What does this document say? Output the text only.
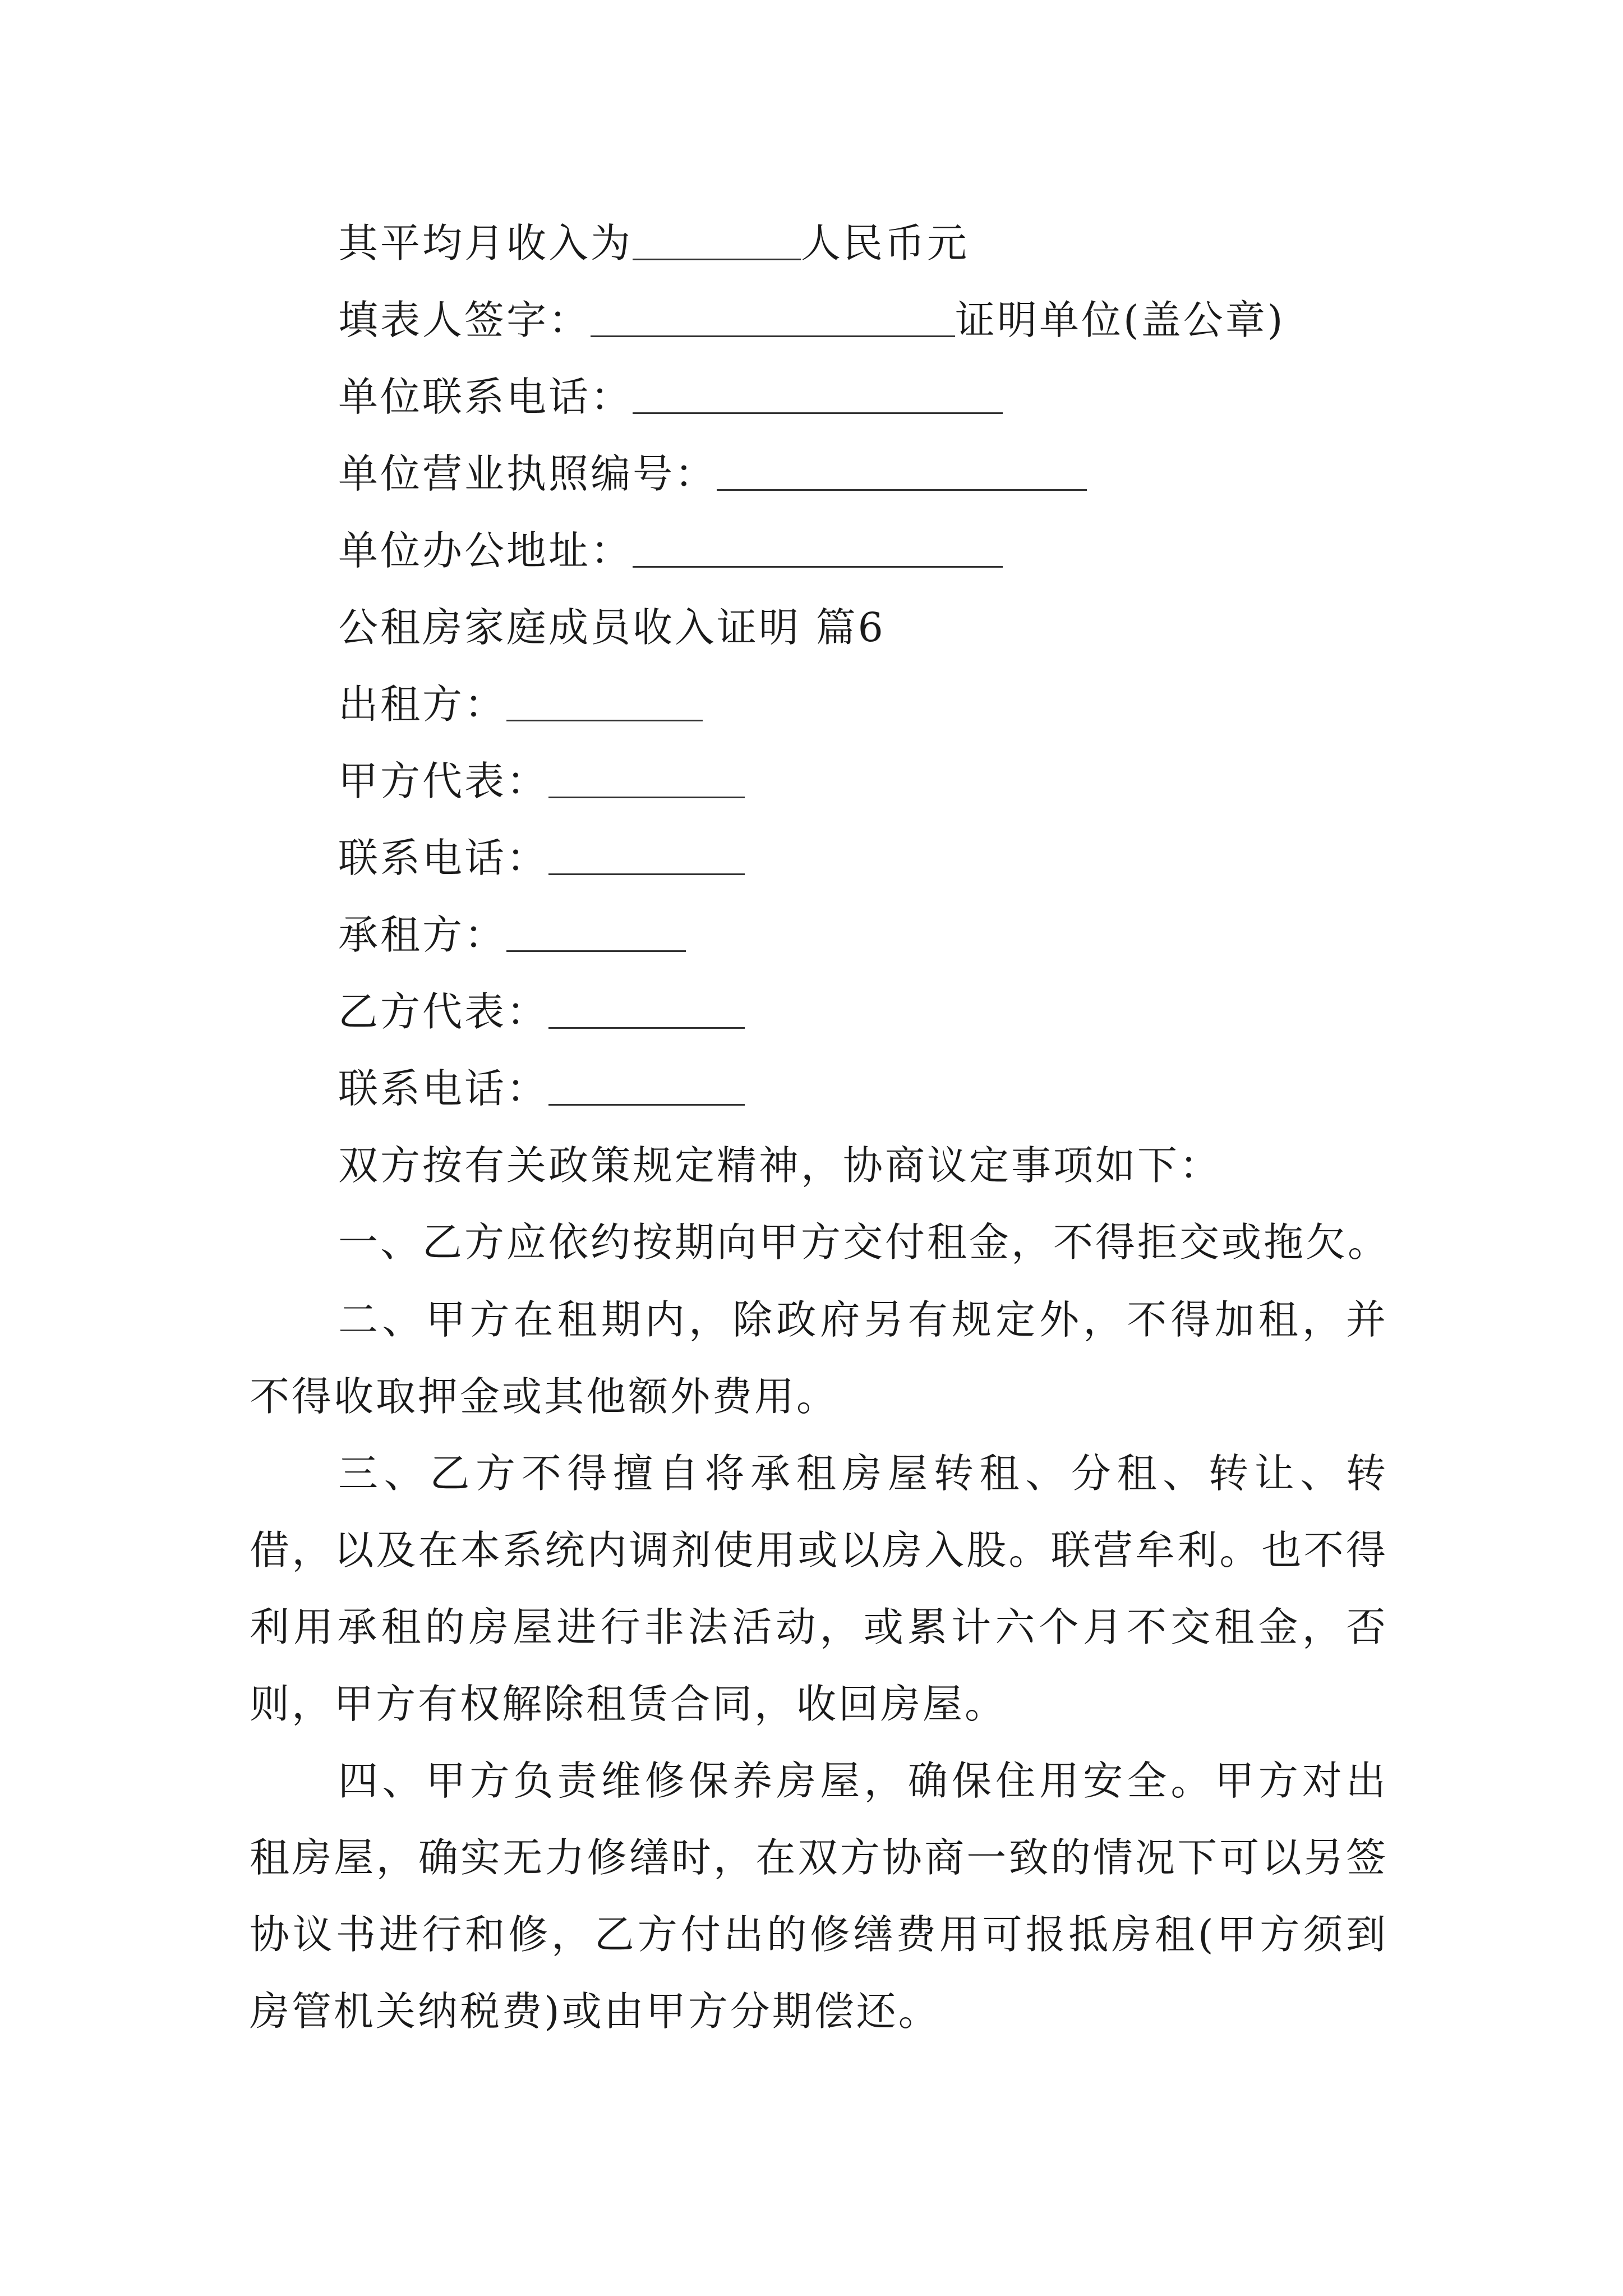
其平均月收入为	人民币元
填表人签字：	证明单位(盖公章)
单位联系电话：
单位营业执照编号：
单位办公地址：
公租房家庭成员收入证明 篇6
出租方：
甲方代表：
联系电话：
承租方：
乙方代表：
联系电话：
双方按有关政策规定精神，协商议定事项如下：
一、乙方应依约按期向甲方交付租金，不得拒交或拖欠。
二、甲方在租期内，除政府另有规定外，不得加租，并不得收取押金或其他额外费用。
三、乙方不得擅自将承租房屋转租、分租、转让、转借，以及在本系统内调剂使用或以房入股。联营牟利。也不得利用承租的房屋进行非法活动，或累计六个月不交租金，否则，甲方有权解除租赁合同，收回房屋。
四、甲方负责维修保养房屋，确保住用安全。甲方对出租房屋，确实无力修缮时，在双方协商一致的情况下可以另签协议书进行和修，乙方付出的修缮费用可报抵房租(甲方须到房管机关纳税费)或由甲方分期偿还。
